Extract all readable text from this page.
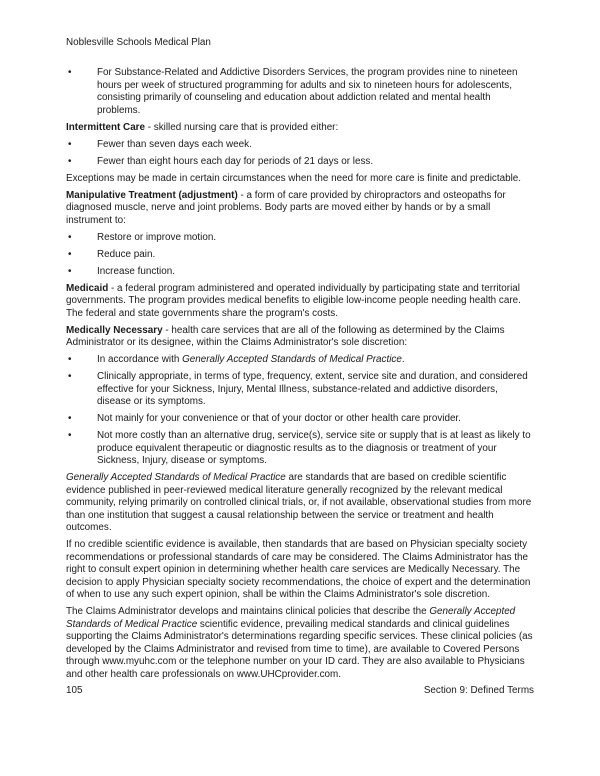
Noblesville Schools Medical Plan
•	For Substance-Related and Addictive Disorders Services, the program provides nine to nineteen hours per week of structured programming for adults and six to nineteen hours for adolescents, consisting primarily of counseling and education about addiction related and mental health problems.
Intermittent Care - skilled nursing care that is provided either:
•	Fewer than seven days each week.
•	Fewer than eight hours each day for periods of 21 days or less.
Exceptions may be made in certain circumstances when the need for more care is finite and predictable.
Manipulative Treatment (adjustment) - a form of care provided by chiropractors and osteopaths for diagnosed muscle, nerve and joint problems. Body parts are moved either by hands or by a small instrument to:
•	Restore or improve motion.
•	Reduce pain.
•	Increase function.
Medicaid - a federal program administered and operated individually by participating state and territorial governments. The program provides medical benefits to eligible low-income people needing health care. The federal and state governments share the program's costs.
Medically Necessary - health care services that are all of the following as determined by the Claims Administrator or its designee, within the Claims Administrator's sole discretion:
•	In accordance with Generally Accepted Standards of Medical Practice.
•	Clinically appropriate, in terms of type, frequency, extent, service site and duration, and considered effective for your Sickness, Injury, Mental Illness, substance-related and addictive disorders, disease or its symptoms.
•	Not mainly for your convenience or that of your doctor or other health care provider.
•	Not more costly than an alternative drug, service(s), service site or supply that is at least as likely to produce equivalent therapeutic or diagnostic results as to the diagnosis or treatment of your Sickness, Injury, disease or symptoms.
Generally Accepted Standards of Medical Practice are standards that are based on credible scientific evidence published in peer-reviewed medical literature generally recognized by the relevant medical community, relying primarily on controlled clinical trials, or, if not available, observational studies from more than one institution that suggest a causal relationship between the service or treatment and health outcomes.
If no credible scientific evidence is available, then standards that are based on Physician specialty society recommendations or professional standards of care may be considered. The Claims Administrator has the right to consult expert opinion in determining whether health care services are Medically Necessary. The decision to apply Physician specialty society recommendations, the choice of expert and the determination of when to use any such expert opinion, shall be within the Claims Administrator's sole discretion.
The Claims Administrator develops and maintains clinical policies that describe the Generally Accepted Standards of Medical Practice scientific evidence, prevailing medical standards and clinical guidelines supporting the Claims Administrator's determinations regarding specific services. These clinical policies (as developed by the Claims Administrator and revised from time to time), are available to Covered Persons through www.myuhc.com or the telephone number on your ID card. They are also available to Physicians and other health care professionals on www.UHCprovider.com.
105	Section 9: Defined Terms
